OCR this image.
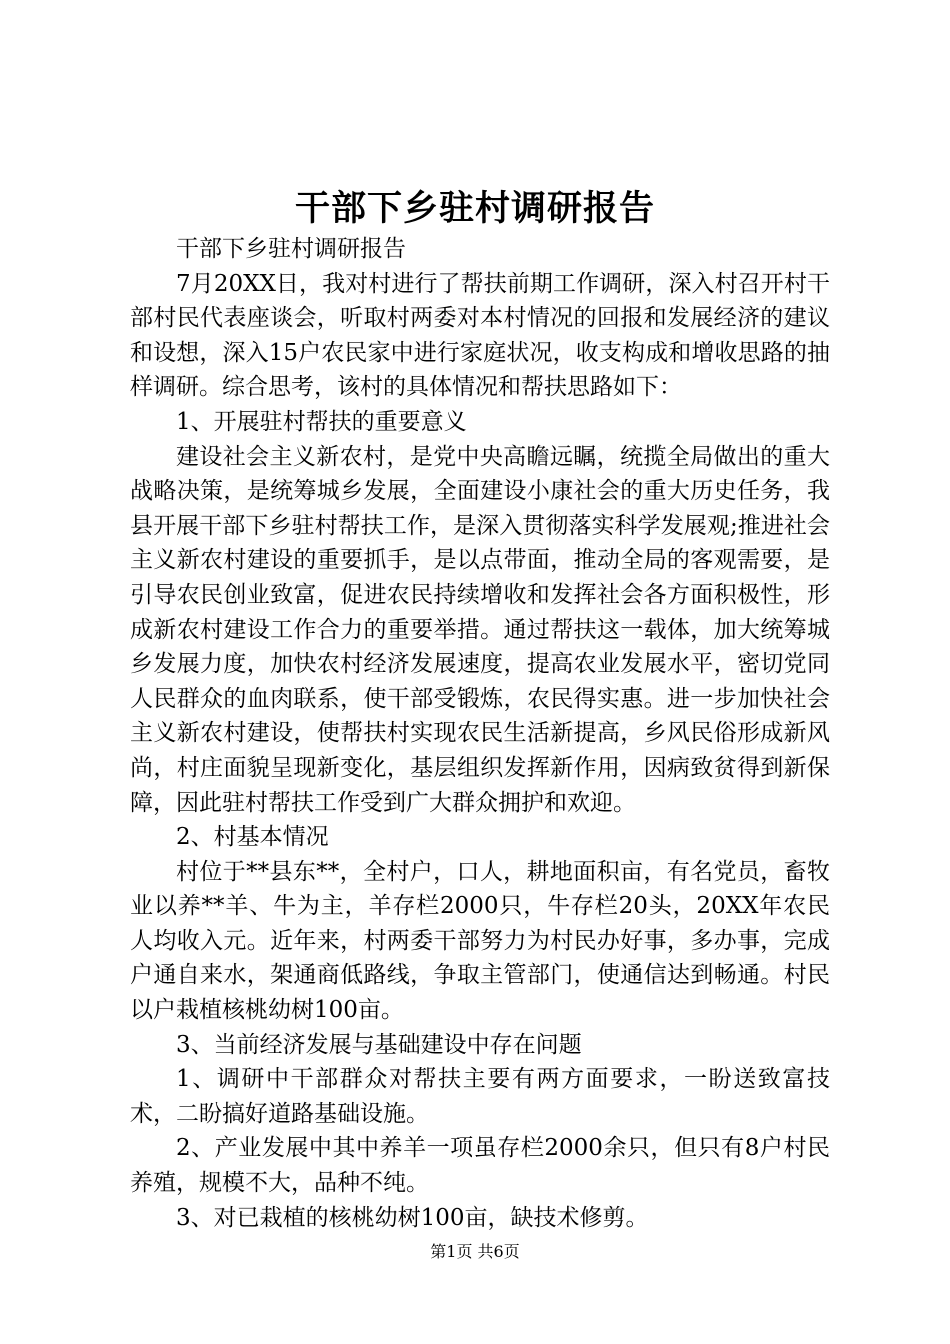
干部下乡驻村调研报告

干部下乡驻村调研报告

7月20XX日，我对村进行了帮扶前期工作调研，深入村召开村干部村民代表座谈会，听取村两委对本村情况的回报和发展经济的建议和设想，深入15户农民家中进行家庭状况，收支构成和增收思路的抽样调研。综合思考，该村的具体情况和帮扶思路如下：

1、开展驻村帮扶的重要意义

建设社会主义新农村，是党中央高瞻远瞩，统揽全局做出的重大战略决策，是统筹城乡发展，全面建设小康社会的重大历史任务，我县开展干部下乡驻村帮扶工作，是深入贯彻落实科学发展观;推进社会主义新农村建设的重要抓手，是以点带面，推动全局的客观需要，是引导农民创业致富，促进农民持续增收和发挥社会各方面积极性，形成新农村建设工作合力的重要举措。通过帮扶这一载体，加大统筹城乡发展力度，加快农村经济发展速度，提高农业发展水平，密切党同人民群众的血肉联系，使干部受锻炼，农民得实惠。进一步加快社会主义新农村建设，使帮扶村实现农民生活新提高，乡风民俗形成新风尚，村庄面貌呈现新变化，基层组织发挥新作用，因病致贫得到新保障，因此驻村帮扶工作受到广大群众拥护和欢迎。

2、村基本情况

村位于**县东**，全村户，口人，耕地面积亩，有名党员，畜牧业以养**羊、牛为主，羊存栏2000只，牛存栏20头，20XX年农民人均收入元。近年来，村两委干部努力为村民办好事，多办事，完成户通自来水，架通商低路线，争取主管部门，使通信达到畅通。村民以户栽植核桃幼树100亩。

3、当前经济发展与基础建设中存在问题

1、调研中干部群众对帮扶主要有两方面要求，一盼送致富技术，二盼搞好道路基础设施。

2、产业发展中其中养羊一项虽存栏2000余只，但只有8户村民养殖，规模不大，品种不纯。

3、对已栽植的核桃幼树100亩，缺技术修剪。

第1页 共6页
